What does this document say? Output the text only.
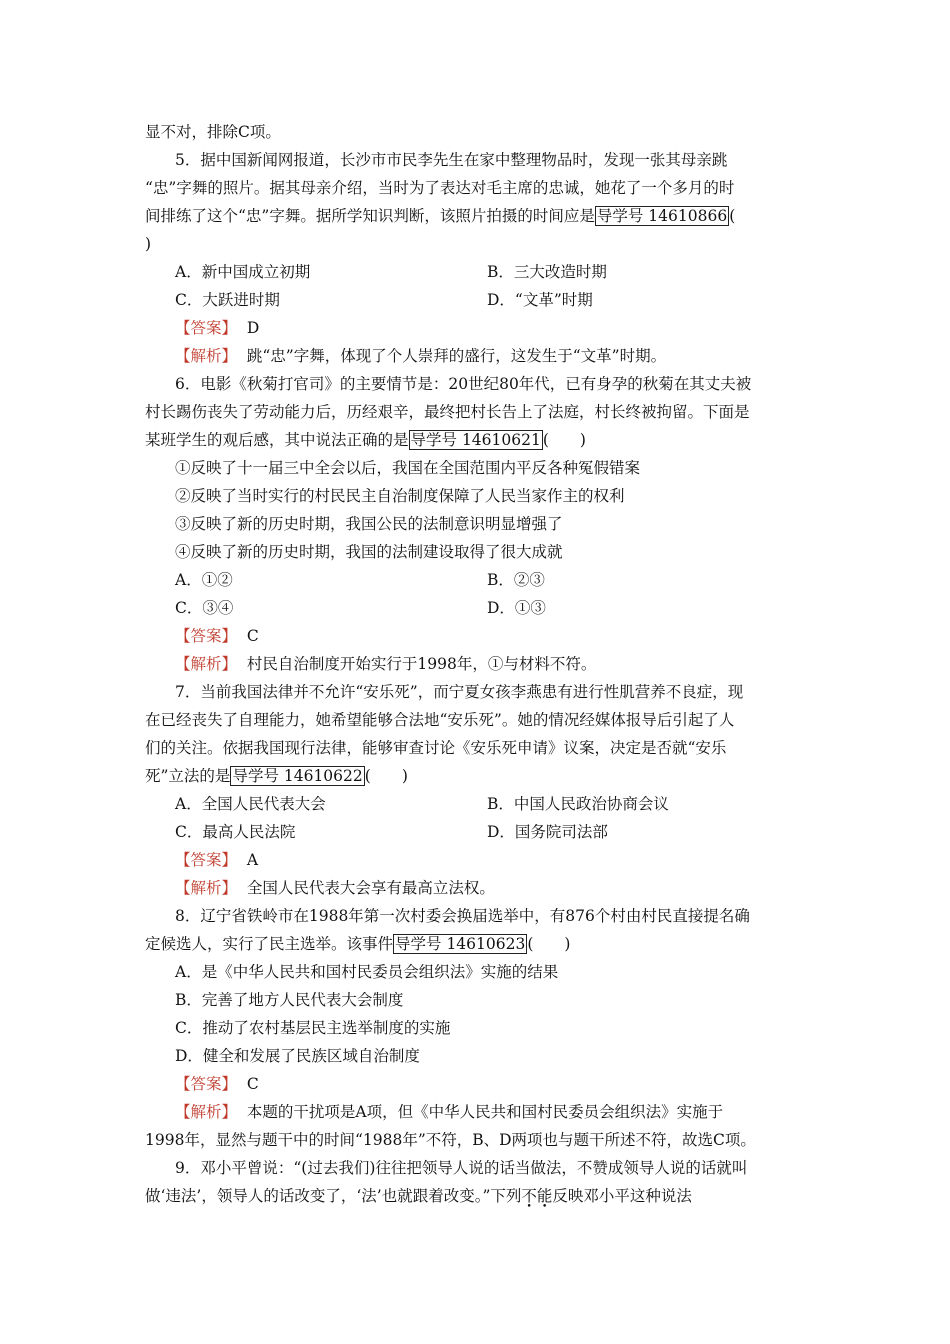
显不对，排除C项。
5．据中国新闻网报道，长沙市市民李先生在家中整理物品时，发现一张其母亲跳
“忠”字舞的照片。据其母亲介绍，当时为了表达对毛主席的忠诚，她花了一个多月的时
间排练了这个“忠”字舞。据所学知识判断，该照片拍摄的时间应是 导学号 14610866 (
)
A．新中国成立初期	B．三大改造时期
C．大跃进时期	D．“文革”时期
【答案】 D
【解析】 跳“忠”字舞，体现了个人崇拜的盛行，这发生于“文革”时期。
6．电影《秋菊打官司》的主要情节是：20世纪80年代，已有身孕的秋菊在其丈夫被
村长踢伤丧失了劳动能力后，历经艰辛，最终把村长告上了法庭，村长终被拘留。下面是
某班学生的观后感，其中说法正确的是 导学号 14610621 (　　)
①反映了十一届三中全会以后，我国在全国范围内平反各种冤假错案
②反映了当时实行的村民民主自治制度保障了人民当家作主的权利
③反映了新的历史时期，我国公民的法制意识明显增强了
④反映了新的历史时期，我国的法制建设取得了很大成就
A．①②	B．②③
C．③④	D．①③
【答案】 C
【解析】 村民自治制度开始实行于1998年，①与材料不符。
7．当前我国法律并不允许“安乐死”，而宁夏女孩李燕患有进行性肌营养不良症，现
在已经丧失了自理能力，她希望能够合法地“安乐死”。她的情况经媒体报导后引起了人
们的关注。依据我国现行法律，能够审查讨论《安乐死申请》议案，决定是否就“安乐
死”立法的是 导学号 14610622 (　　)
A．全国人民代表大会	B．中国人民政治协商会议
C．最高人民法院	D．国务院司法部
【答案】 A
【解析】 全国人民代表大会享有最高立法权。
8．辽宁省铁岭市在1988年第一次村委会换届选举中，有876个村由村民直接提名确
定候选人，实行了民主选举。该事件 导学号 14610623 (　　)
A．是《中华人民共和国村民委员会组织法》实施的结果
B．完善了地方人民代表大会制度
C．推动了农村基层民主选举制度的实施
D．健全和发展了民族区域自治制度
【答案】 C
【解析】 本题的干扰项是A项，但《中华人民共和国村民委员会组织法》实施于
1998年，显然与题干中的时间“1988年”不符，B、D两项也与题干所述不符，故选C项。
9．邓小平曾说：“(过去我们)往往把领导人说的话当做法，不赞成领导人说的话就叫
做‘违法’，领导人的话改变了，‘法’也就跟着改变。”下列不能反映邓小平这种说法
